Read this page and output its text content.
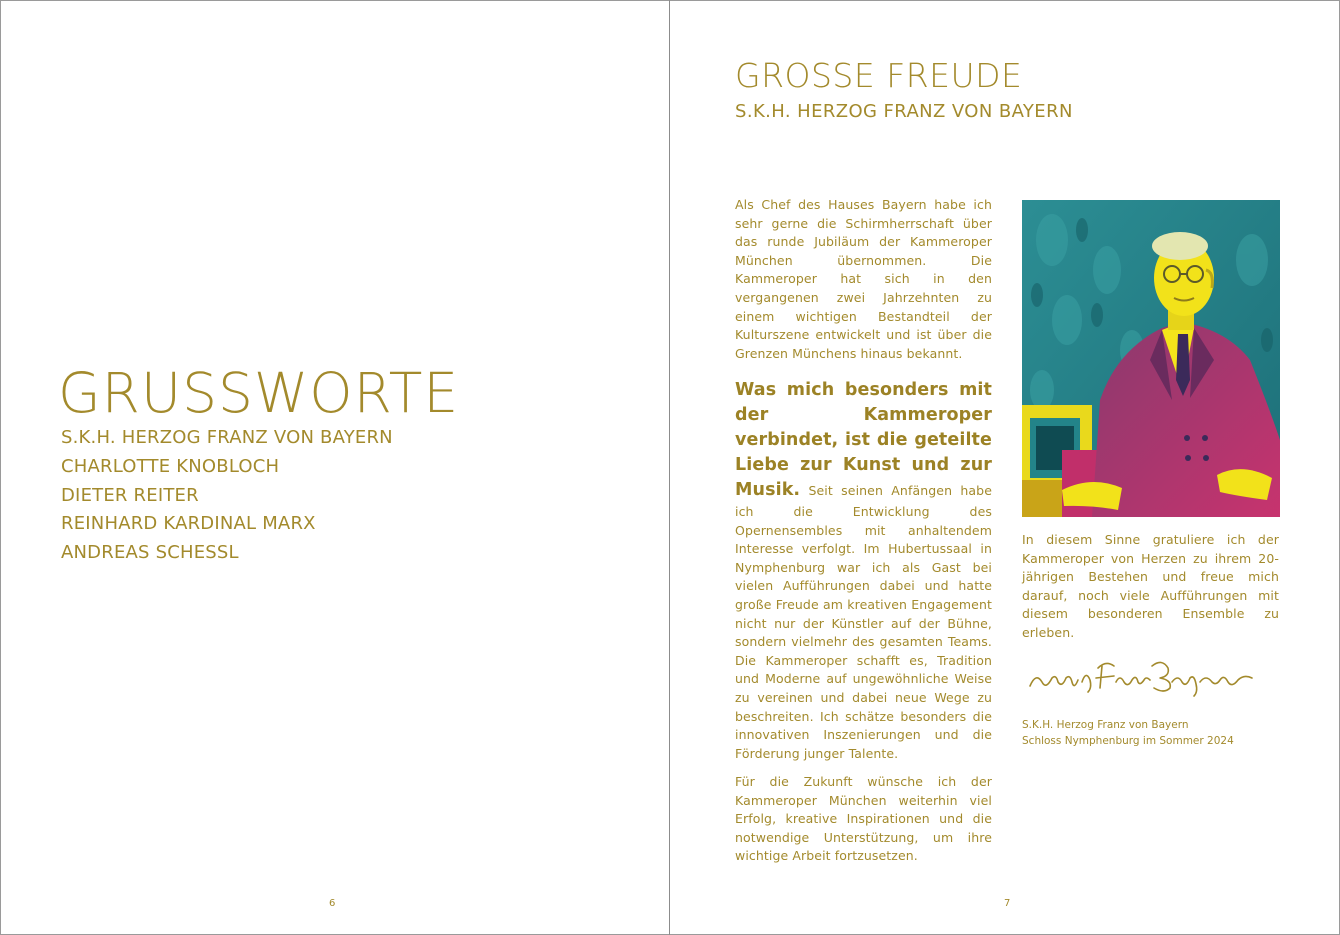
GRUSSWORTE
S.K.H. HERZOG FRANZ VON BAYERN
CHARLOTTE KNOBLOCH
DIETER REITER
REINHARD KARDINAL MARX
ANDREAS SCHESSL
6
GROSSE FREUDE
S.K.H. HERZOG FRANZ VON BAYERN

Als Chef des Hauses Bayern habe ich sehr gerne die Schirmherrschaft über das runde Jubiläum der Kammeroper München übernommen. Die Kammeroper hat sich in den vergangenen zwei Jahrzehnten zu einem wichtigen Bestandteil der Kulturszene entwickelt und ist über die Grenzen Münchens hinaus bekannt.

Was mich besonders mit der Kammeroper verbindet, ist die geteilte Liebe zur Kunst und zur Musik. Seit seinen Anfängen habe ich die Entwicklung des Opernensembles mit anhaltendem Interesse verfolgt. Im Hubertussaal in Nymphenburg war ich als Gast bei vielen Aufführungen dabei und hatte große Freude am kreativen Engagement nicht nur der Künstler auf der Bühne, sondern vielmehr des gesamten Teams. Die Kammeroper schafft es, Tradition und Moderne auf ungewöhnliche Weise zu vereinen und dabei neue Wege zu beschreiten. Ich schätze besonders die innovativen Inszenierungen und die Förderung junger Talente.

Für die Zukunft wünsche ich der Kammeroper München weiterhin viel Erfolg, kreative Inspirationen und die notwendige Unterstützung, um ihre wichtige Arbeit fortzusetzen.

In diesem Sinne gratuliere ich der Kammeroper von Herzen zu ihrem 20-jährigen Bestehen und freue mich darauf, noch viele Aufführungen mit diesem besonderen Ensemble zu erleben.

S.K.H. Herzog Franz von Bayern
Schloss Nymphenburg im Sommer 2024
7
